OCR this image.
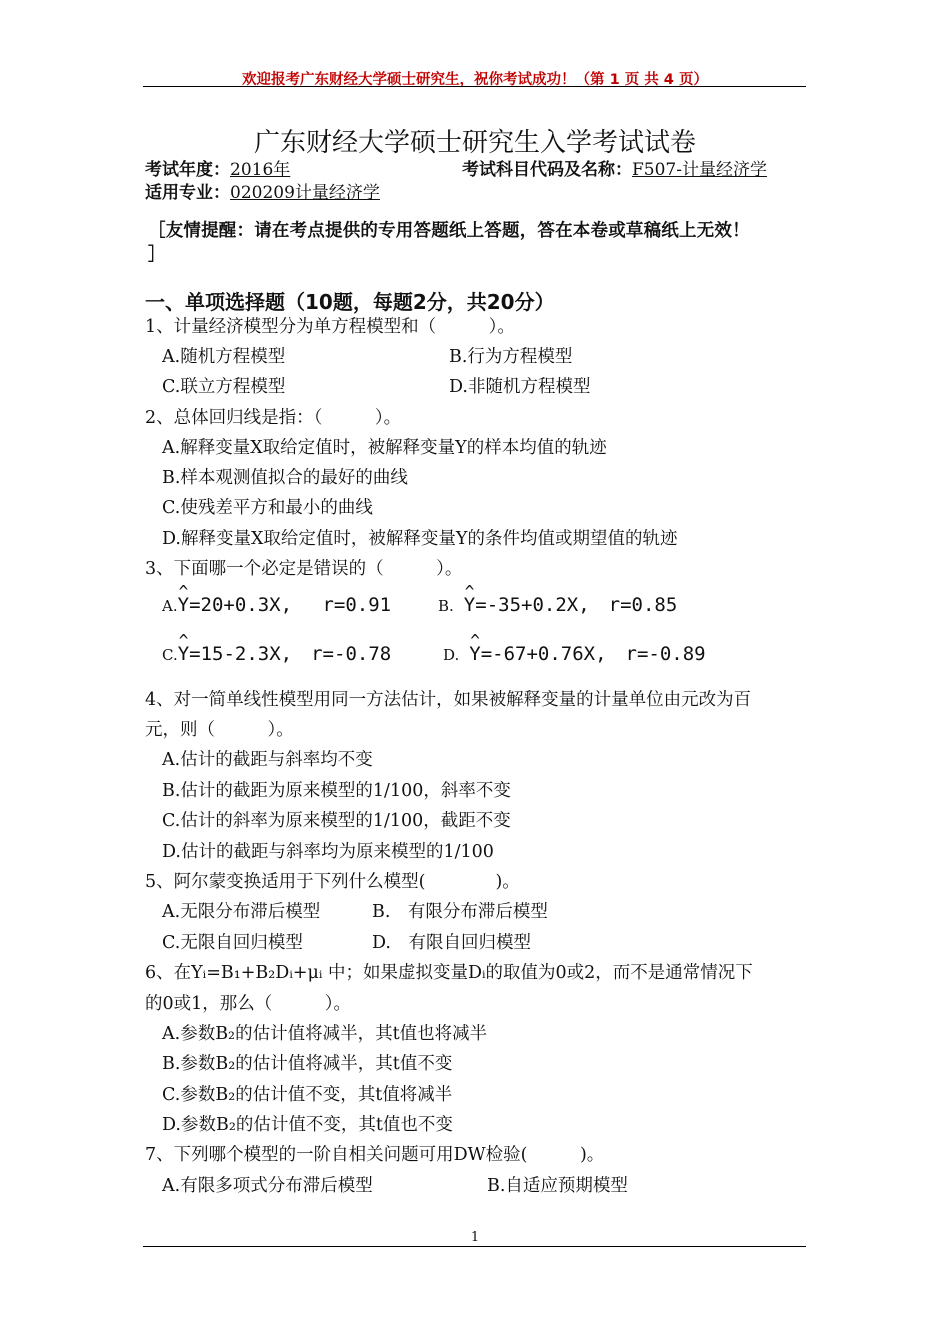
欢迎报考广东财经大学硕士研究生，祝你考试成功！（第 1 页 共 4 页）
广东财经大学硕士研究生入学考试试卷
考试年度：2016年	考试科目代码及名称：F507-计量经济学
适用专业：020209计量经济学
［友情提醒：请在考点提供的专用答题纸上答题，答在本卷或草稿纸上无效！
］
一、单项选择题（10题，每题2分，共20分）
1、计量经济模型分为单方程模型和（　　　）。
A.随机方程模型	B.行为方程模型
C.联立方程模型	D.非随机方程模型
2、总体回归线是指：（　　　）。
A.解释变量X取给定值时，被解释变量Y的样本均值的轨迹
B.样本观测值拟合的最好的曲线
C.使残差平方和最小的曲线
D.解释变量X取给定值时，被解释变量Y的条件均值或期望值的轨迹
3、下面哪一个必定是错误的（　　　）。
A.^ Y=20+0.3X,　 r=0.91	B. ^ Y=-35+0.2X,　r=0.85
C.^ Y=15-2.3X,　r=-0.78	D. ^ Y=-67+0.76X,　r=-0.89
4、对一简单线性模型用同一方法估计，如果被解释变量的计量单位由元改为百
元，则（　　　）。
A.估计的截距与斜率均不变
B.估计的截距为原来模型的1/100，斜率不变
C.估计的斜率为原来模型的1/100，截距不变
D.估计的截距与斜率均为原来模型的1/100
5、阿尔蒙变换适用于下列什么模型(　　　　)。
A.无限分布滞后模型	B.　有限分布滞后模型
C.无限自回归模型	D.　有限自回归模型
6、在Yᵢ=B₁+B₂Dᵢ+μᵢ 中；如果虚拟变量Dᵢ的取值为0或2，而不是通常情况下
的0或1，那么（　　　）。
A.参数B₂的估计值将减半，其t值也将减半
B.参数B₂的估计值将减半，其t值不变
C.参数B₂的估计值不变，其t值将减半
D.参数B₂的估计值不变，其t值也不变
7、下列哪个模型的一阶自相关问题可用DW检验(　　　)。
A.有限多项式分布滞后模型	B.自适应预期模型
1
